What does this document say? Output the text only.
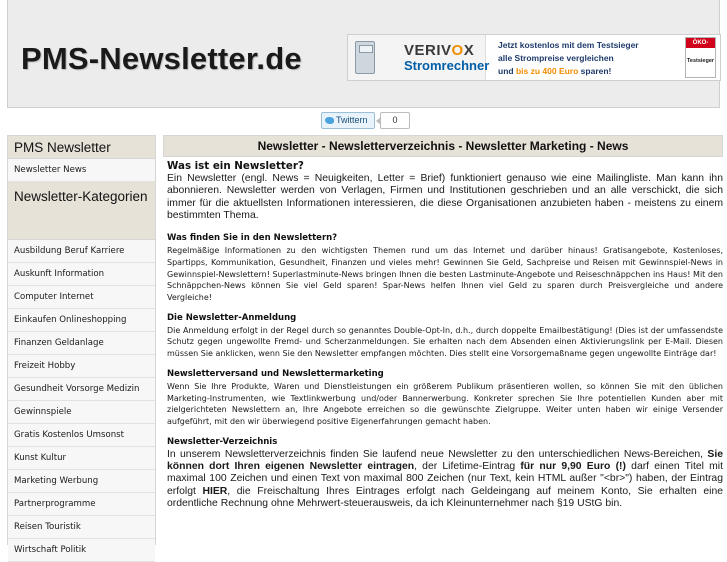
PMS-Newsletter.de	VERIVOX
Stromrechner
Jetzt kostenlos mit dem Testsieger
alle Strompreise vergleichen
und bis zu 400 Euro sparen!
ÖKO-TEST
Testsieger
Twittern	0
PMS Newsletter
Newsletter News
Newsletter-Kategorien
Ausbildung Beruf Karriere
Auskunft Information
Computer Internet
Einkaufen Onlineshopping
Finanzen Geldanlage
Freizeit Hobby
Gesundheit Vorsorge Medizin
Gewinnspiele
Gratis Kostenlos Umsonst
Kunst Kultur
Marketing Werbung
Partnerprogramme
Reisen Touristik
Wirtschaft Politik
Newsletter - Newsletterverzeichnis - Newsletter Marketing - News
Was ist ein Newsletter?
Ein Newsletter (engl. News = Neuigkeiten, Letter = Brief) funktioniert genauso wie eine Mailingliste. Man kann ihn abonnieren. Newsletter werden von Verlagen, Firmen und Institutionen geschrieben und an alle verschickt, die sich immer für die aktuellsten Informationen interessieren, die diese Organisationen anzubieten haben - meistens zu einem bestimmten Thema.
Was finden Sie in den Newslettern?
Regelmäßige Informationen zu den wichtigsten Themen rund um das Internet und darüber hinaus! Gratisangebote, Kostenloses, Spartipps, Kommunikation, Gesundheit, Finanzen und vieles mehr! Gewinnen Sie Geld, Sachpreise und Reisen mit Gewinnspiel-News in Gewinnspiel-Newslettern! Superlastminute-News bringen Ihnen die besten Lastminute-Angebote und Reiseschnäppchen ins Haus! Mit den Schnäppchen-News können Sie viel Geld sparen! Spar-News helfen Ihnen viel Geld zu sparen durch Preisvergleiche und andere Vergleiche!
Die Newsletter-Anmeldung
Die Anmeldung erfolgt in der Regel durch so genanntes Double-Opt-In, d.h., durch doppelte Emailbestätigung! (Dies ist der umfassendste Schutz gegen ungewollte Fremd- und Scherzanmeldungen. Sie erhalten nach dem Absenden einen Aktivierungslink per E-Mail. Diesen müssen Sie anklicken, wenn Sie den Newsletter empfangen möchten. Dies stellt eine Vorsorgemaßname gegen ungewollte Einträge dar!
Newsletterversand und Newslettermarketing
Wenn Sie Ihre Produkte, Waren und Dienstleistungen ein größerem Publikum präsentieren wollen, so können Sie mit den üblichen Marketing-Instrumenten, wie Textlinkwerbung und/oder Bannerwerbung. Konkreter sprechen Sie Ihre potentiellen Kunden aber mit zielgerichteten Newslettern an, Ihre Angebote erreichen so die gewünschte Zielgruppe. Weiter unten haben wir einige Versender aufgeführt, mit den wir überwiegend positive Eigenerfahrungen gemacht haben.
Newsletter-Verzeichnis
In unserem Newsletterverzeichnis finden Sie laufend neue Newsletter zu den unterschiedlichen News-Bereichen, Sie können dort Ihren eigenen Newsletter eintragen, der Lifetime-Eintrag für nur 9,90 Euro (!) darf einen Titel mit maximal 100 Zeichen und einen Text von maximal 800 Zeichen (nur Text, kein HTML außer "<br>") haben, der Eintrag erfolgt HIER, die Freischaltung Ihres Eintrages erfolgt nach Geldeingang auf meinem Konto, Sie erhalten eine ordentliche Rechnung ohne Mehrwert-steuerausweis, da ich Kleinunternehmer nach §19 UStG bin.
